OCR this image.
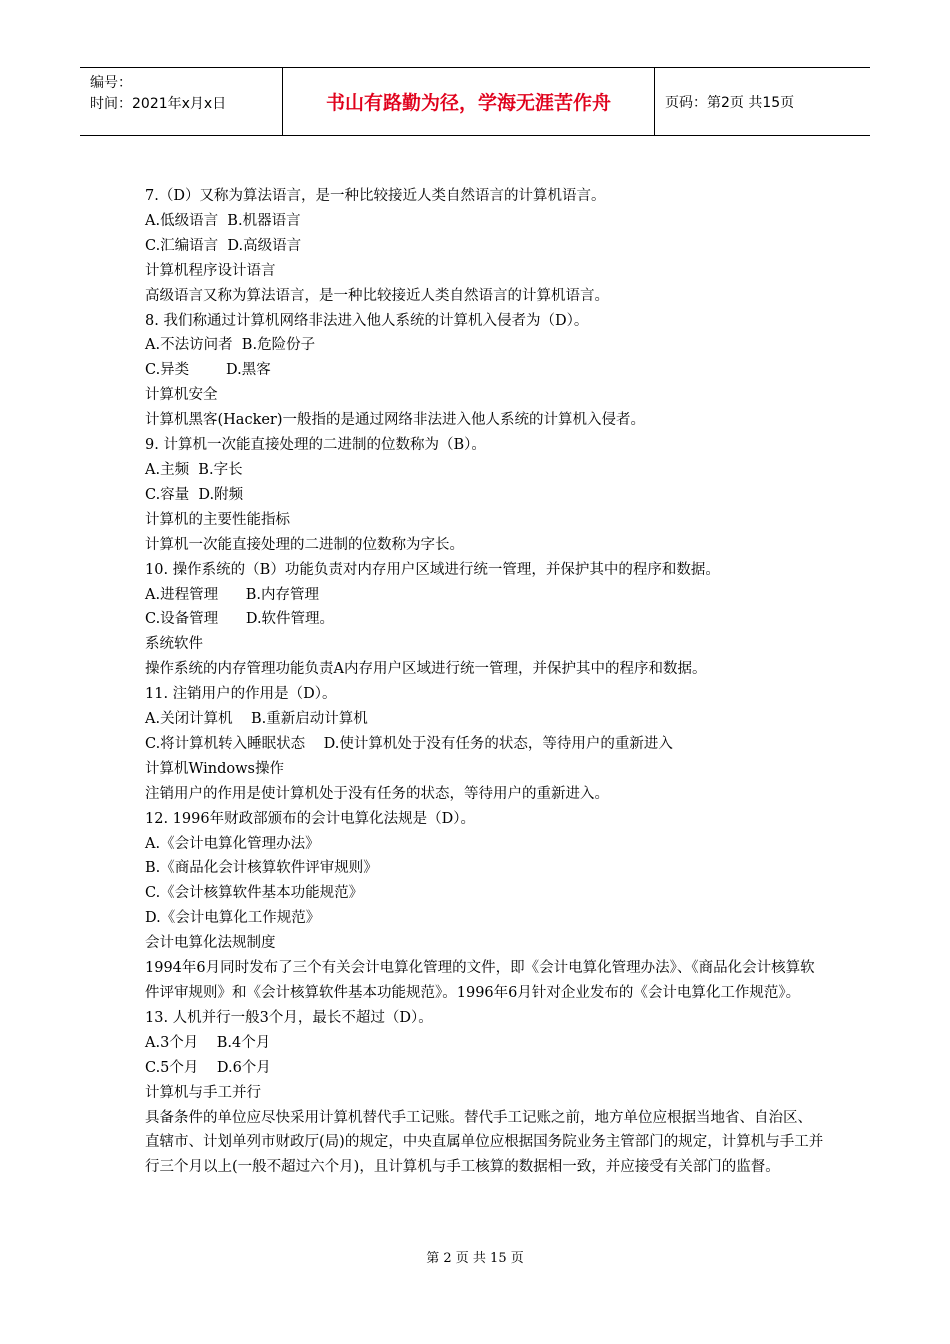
编号：
时间：2021年x月x日	书山有路勤为径，学海无涯苦作舟	页码：第2页 共15页
7.（D）又称为算法语言，是一种比较接近人类自然语言的计算机语言。
A.低级语言  B.机器语言
C.汇编语言  D.高级语言
计算机程序设计语言
高级语言又称为算法语言，是一种比较接近人类自然语言的计算机语言。
8. 我们称通过计算机网络非法进入他人系统的计算机入侵者为（D）。
A.不法访问者  B.危险份子
C.异类        D.黑客
计算机安全
计算机黑客(Hacker)一般指的是通过网络非法进入他人系统的计算机入侵者。
9. 计算机一次能直接处理的二进制的位数称为（B）。
A.主频  B.字长
C.容量  D.附频
计算机的主要性能指标
计算机一次能直接处理的二进制的位数称为字长。
10. 操作系统的（B）功能负责对内存用户区域进行统一管理，并保护其中的程序和数据。
A.进程管理      B.内存管理
C.设备管理      D.软件管理。
系统软件
操作系统的内存管理功能负责A内存用户区域进行统一管理，并保护其中的程序和数据。
11. 注销用户的作用是（D）。
A.关闭计算机    B.重新启动计算机
C.将计算机转入睡眠状态    D.使计算机处于没有任务的状态，等待用户的重新进入
计算机Windows操作
注销用户的作用是使计算机处于没有任务的状态，等待用户的重新进入。
12. 1996年财政部颁布的会计电算化法规是（D）。
A.《会计电算化管理办法》
B.《商品化会计核算软件评审规则》
C.《会计核算软件基本功能规范》
D.《会计电算化工作规范》
会计电算化法规制度
1994年6月同时发布了三个有关会计电算化管理的文件，即《会计电算化管理办法》、《商品化会计核算软件评审规则》和《会计核算软件基本功能规范》。1996年6月针对企业发布的《会计电算化工作规范》。
13. 人机并行一般3个月，最长不超过（D）。
A.3个月    B.4个月
C.5个月    D.6个月
计算机与手工并行
具备条件的单位应尽快采用计算机替代手工记账。替代手工记账之前，地方单位应根据当地省、自治区、直辖市、计划单列市财政厅(局)的规定，中央直属单位应根据国务院业务主管部门的规定，计算机与手工并行三个月以上(一般不超过六个月)，且计算机与手工核算的数据相一致，并应接受有关部门的监督。
第 2 页 共 15 页
